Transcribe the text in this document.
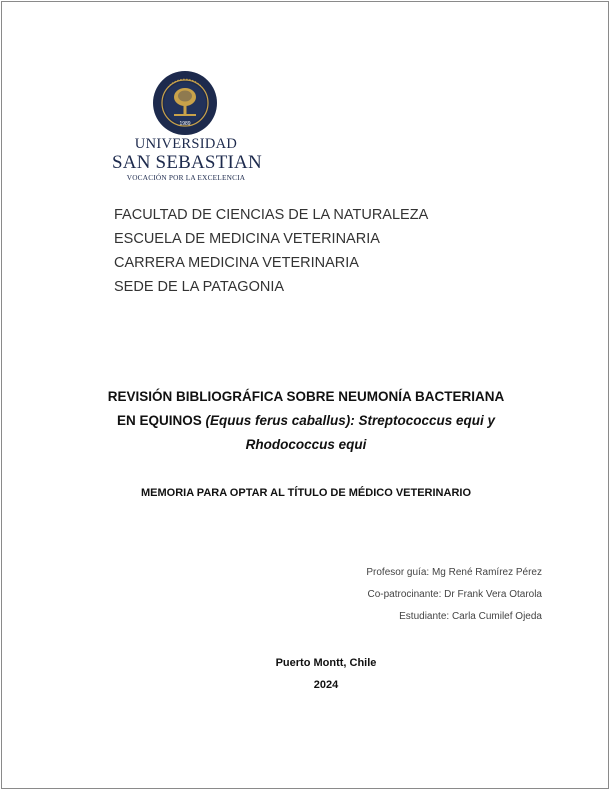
1989
UNIVERSIDAD
SAN SEBASTIAN
VOCACIÓN POR LA EXCELENCIA
FACULTAD DE CIENCIAS DE LA NATURALEZA
ESCUELA DE MEDICINA VETERINARIA
CARRERA MEDICINA VETERINARIA
SEDE DE LA PATAGONIA
REVISIÓN BIBLIOGRÁFICA SOBRE NEUMONÍA BACTERIANA
EN EQUINOS (Equus ferus caballus): Streptococcus equi y
Rhodococcus equi
MEMORIA PARA OPTAR AL TÍTULO DE MÉDICO VETERINARIO
Profesor guía: Mg René Ramírez Pérez
Co-patrocinante: Dr Frank Vera Otarola
Estudiante: Carla Cumilef Ojeda
Puerto Montt, Chile
2024
